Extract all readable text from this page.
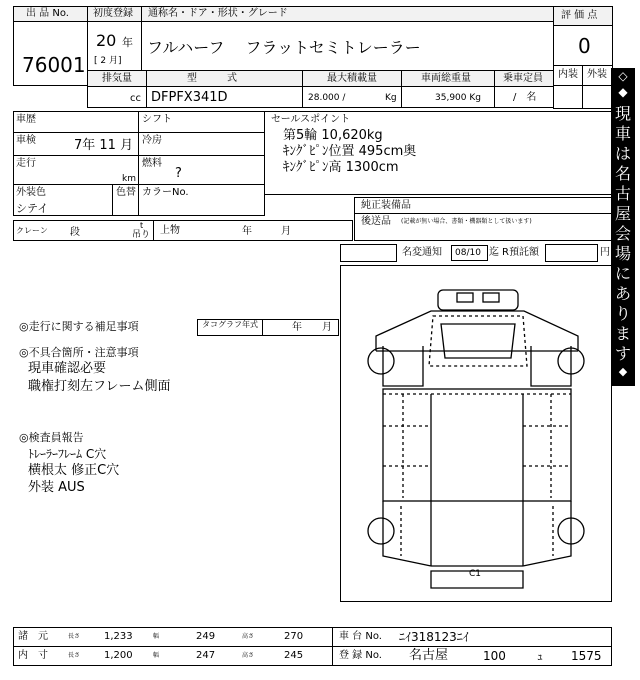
出 品 No.
76001
初度登録
20 年
[ 2 月]
通称名・ドア・形状・グレード
フルハーフ　 フラットセミトレーラー
評 価 点
0
内装 外装
排気量
cc
型　　　式
DFPFX341D
最大積載量
28.000 /	Kg
車両総重量
35,900 Kg
乗車定員
/　名
車歴
車検	7年 11 月
走行
km
外装色
シテイ
色替
クレーン 段
t
吊り
シフト
冷房
燃料
?
カラーNo.
上物	年	月
セールスポイント
第5輪 10,620kg
ｷﾝｸﾞﾋﾟﾝ位置 495cm奥
ｷﾝｸﾞﾋﾟﾝ高 1300cm
純正装備品
後送品 (記載が無い場合、書類・機器類として扱います)
名変通知 08/10 迄 R預託額	円
◎走行に関する補足事項	タコグラフ年式	年 月
◎不具合箇所・注意事項
現車確認必要
職権打刻左フレーム側面
◎検査員報告
ﾄﾚｰﾗｰﾌﾚｰﾑ C穴
横根太 修正C穴
外装 AUS
C1
◇
◆
現
車
は
名
古
屋
会
場
に
あ
り
ま
す
◆
諸　元	長さ 1,233	幅	249	高さ	270
内　寸	長さ 1,200	幅	247	高さ	245
車 台 No. ﾆｲ318123ﾆｲ
登 録 No. 名古屋	100	ｭ 1575
